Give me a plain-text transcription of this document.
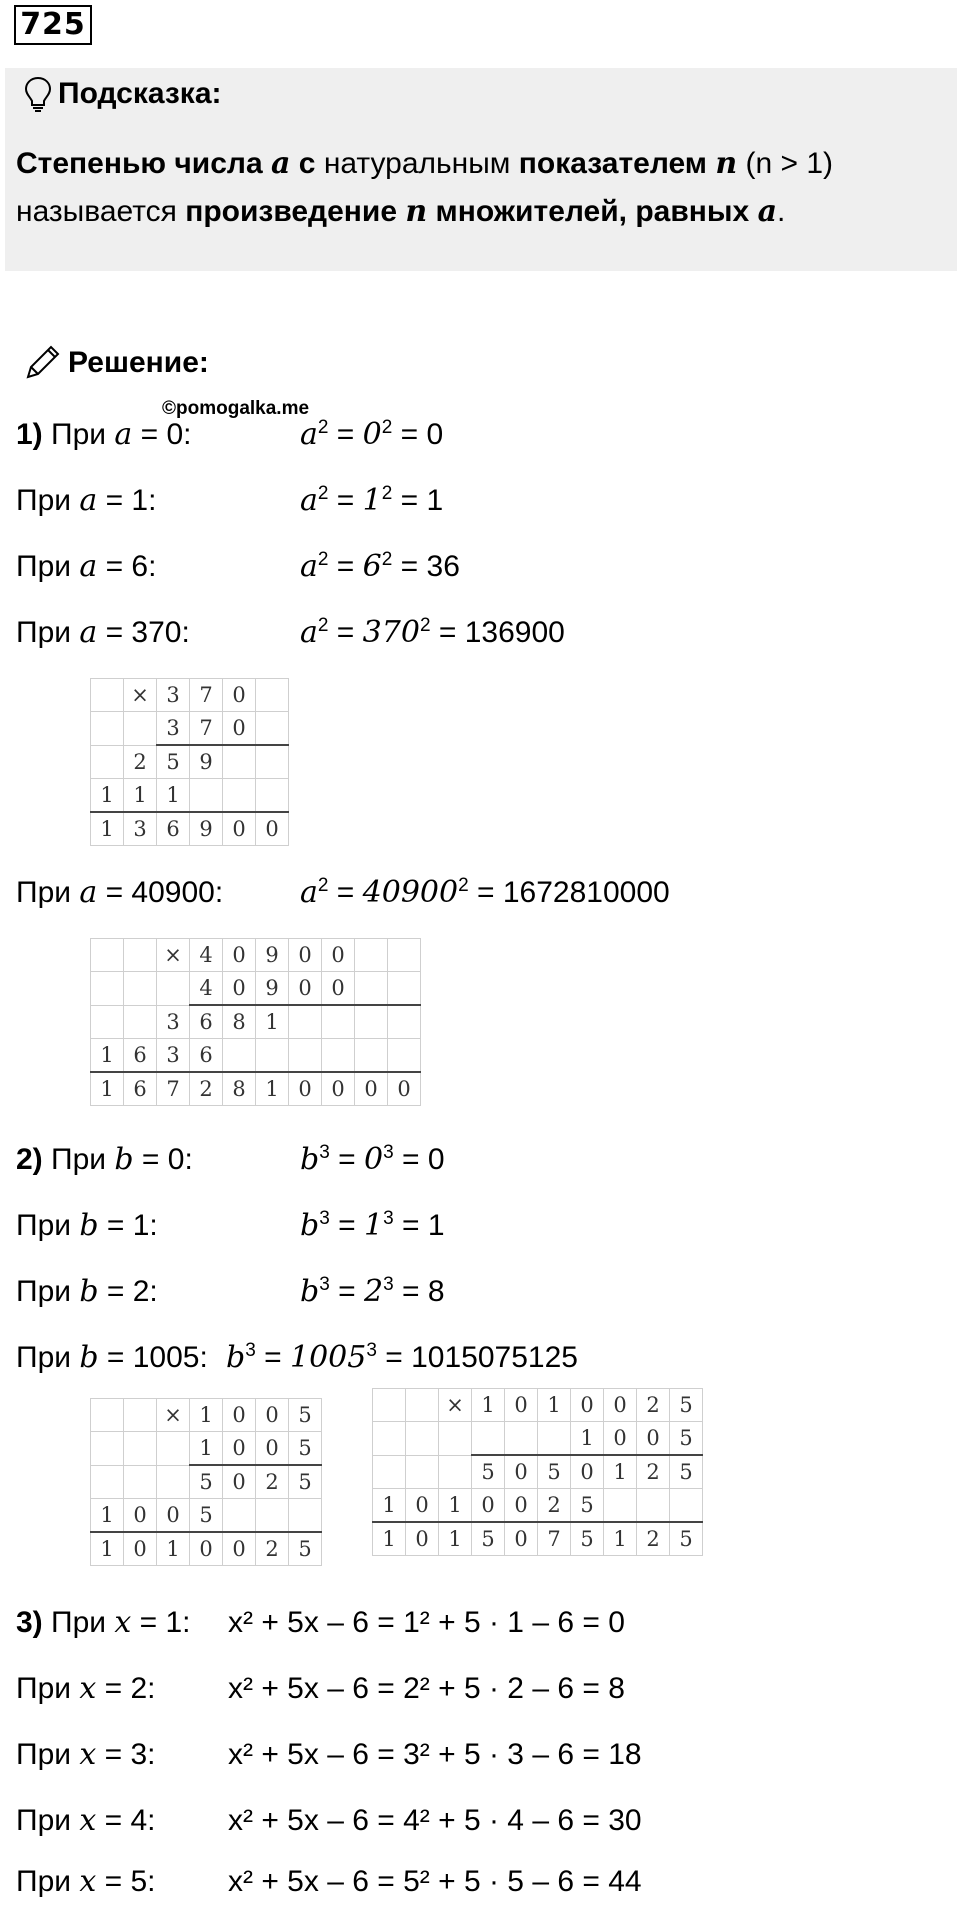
725
Подсказка:
Степенью числа a с натуральным показателем n (n > 1)
называется произведение n множителей, равных a.
Решение:
©pomogalka.me
1) При a = 0:	$a^2 = 0^2 = 0$
При a = 1:	$a^2 = 1^2 = 1$
При a = 6:	$a^2 = 6^2 = 36$
При a = 370:	$a^2 = 370^2 = 136900$
	×	3	7	0	
		3	7	0	
	2	5	9		
1	1	1			
1	3	6	9	0	0
При a = 40900:	$a^2 = 40900^2 = 1672810000$
		×	4	0	9	0	0		
			4	0	9	0	0		
		3	6	8	1				
1	6	3	6						
1	6	7	2	8	1	0	0	0	0
2) При b = 0:	$b^3 = 0^3 = 0$
При b = 1:	$b^3 = 1^3 = 1$
При b = 2:	$b^3 = 2^3 = 8$
При b = 1005: $b^3 = 1005^3 = 1015075125$
		×	1	0	0	5
			1	0	0	5
			5	0	2	5
1	0	0	5			
1	0	1	0	0	2	5
		×	1	0	1	0	0	2	5
						1	0	0	5
			5	0	5	0	1	2	5
1	0	1	0	0	2	5			
1	0	1	5	0	7	5	1	2	5
3) При x = 1: x² + 5x – 6 = 1² + 5 · 1 – 6 = 0
При x = 2: x² + 5x – 6 = 2² + 5 · 2 – 6 = 8
При x = 3: x² + 5x – 6 = 3² + 5 · 3 – 6 = 18
При x = 4: x² + 5x – 6 = 4² + 5 · 4 – 6 = 30
При x = 5: x² + 5x – 6 = 5² + 5 · 5 – 6 = 44
